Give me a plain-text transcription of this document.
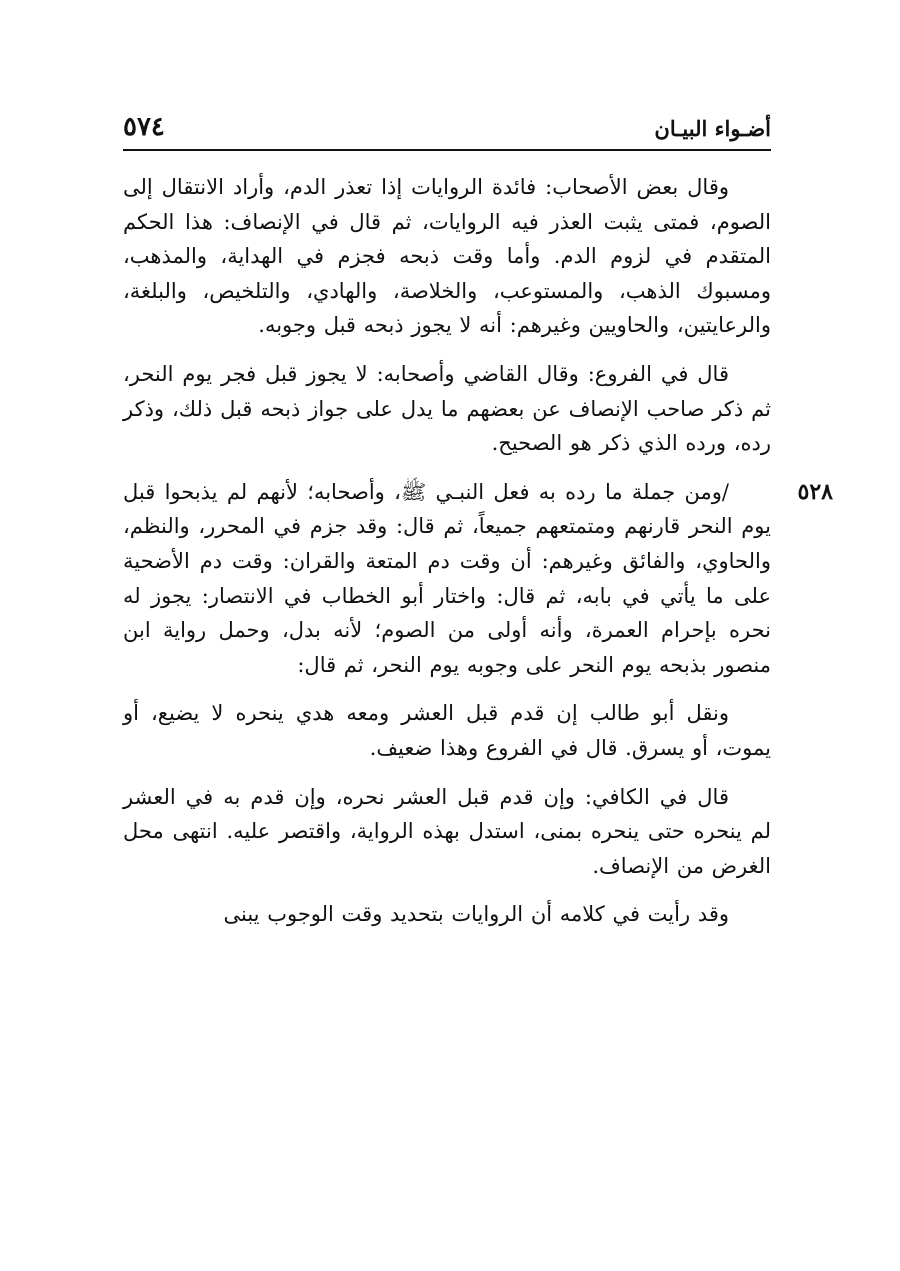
أضـواء البيـان
٥٧٤

وقال بعض الأصحاب: فائدة الروايات إذا تعذر الدم، وأراد الانتقال إلى الصوم، فمتى يثبت العذر فيه الروايات، ثم قال في الإنصاف: هذا الحكم المتقدم في لزوم الدم. وأما وقت ذبحه فجزم في الهداية، والمذهب، ومسبوك الذهب، والمستوعب، والخلاصة، والهادي، والتلخيص، والبلغة، والرعايتين، والحاويين وغيرهم: أنه لا يجوز ذبحه قبل وجوبه.

قال في الفروع: وقال القاضي وأصحابه: لا يجوز قبل فجر يوم النحر، ثم ذكر صاحب الإنصاف عن بعضهم ما يدل على جواز ذبحه قبل ذلك، وذكر رده، ورده الذي ذكر هو الصحيح.

٥٢٨
/ومن جملة ما رده به فعل النبـي ﷺ، وأصحابه؛ لأنهم لم يذبحوا قبل يوم النحر قارنهم ومتمتعهم جميعاً، ثم قال: وقد جزم في المحرر، والنظم، والحاوي، والفائق وغيرهم: أن وقت دم المتعة والقران: وقت دم الأضحية على ما يأتي في بابه، ثم قال: واختار أبو الخطاب في الانتصار: يجوز له نحره بإحرام العمرة، وأنه أولى من الصوم؛ لأنه بدل، وحمل رواية ابن منصور بذبحه يوم النحر على وجوبه يوم النحر، ثم قال:

ونقل أبو طالب إن قدم قبل العشر ومعه هدي ينحره لا يضيع، أو يموت، أو يسرق. قال في الفروع وهذا ضعيف.

قال في الكافي: وإن قدم قبل العشر نحره، وإن قدم به في العشر لم ينحره حتى ينحره بمنى، استدل بهذه الرواية، واقتصر عليه. انتهى محل الغرض من الإنصاف.

وقد رأيت في كلامه أن الروايات بتحديد وقت الوجوب يبنى
